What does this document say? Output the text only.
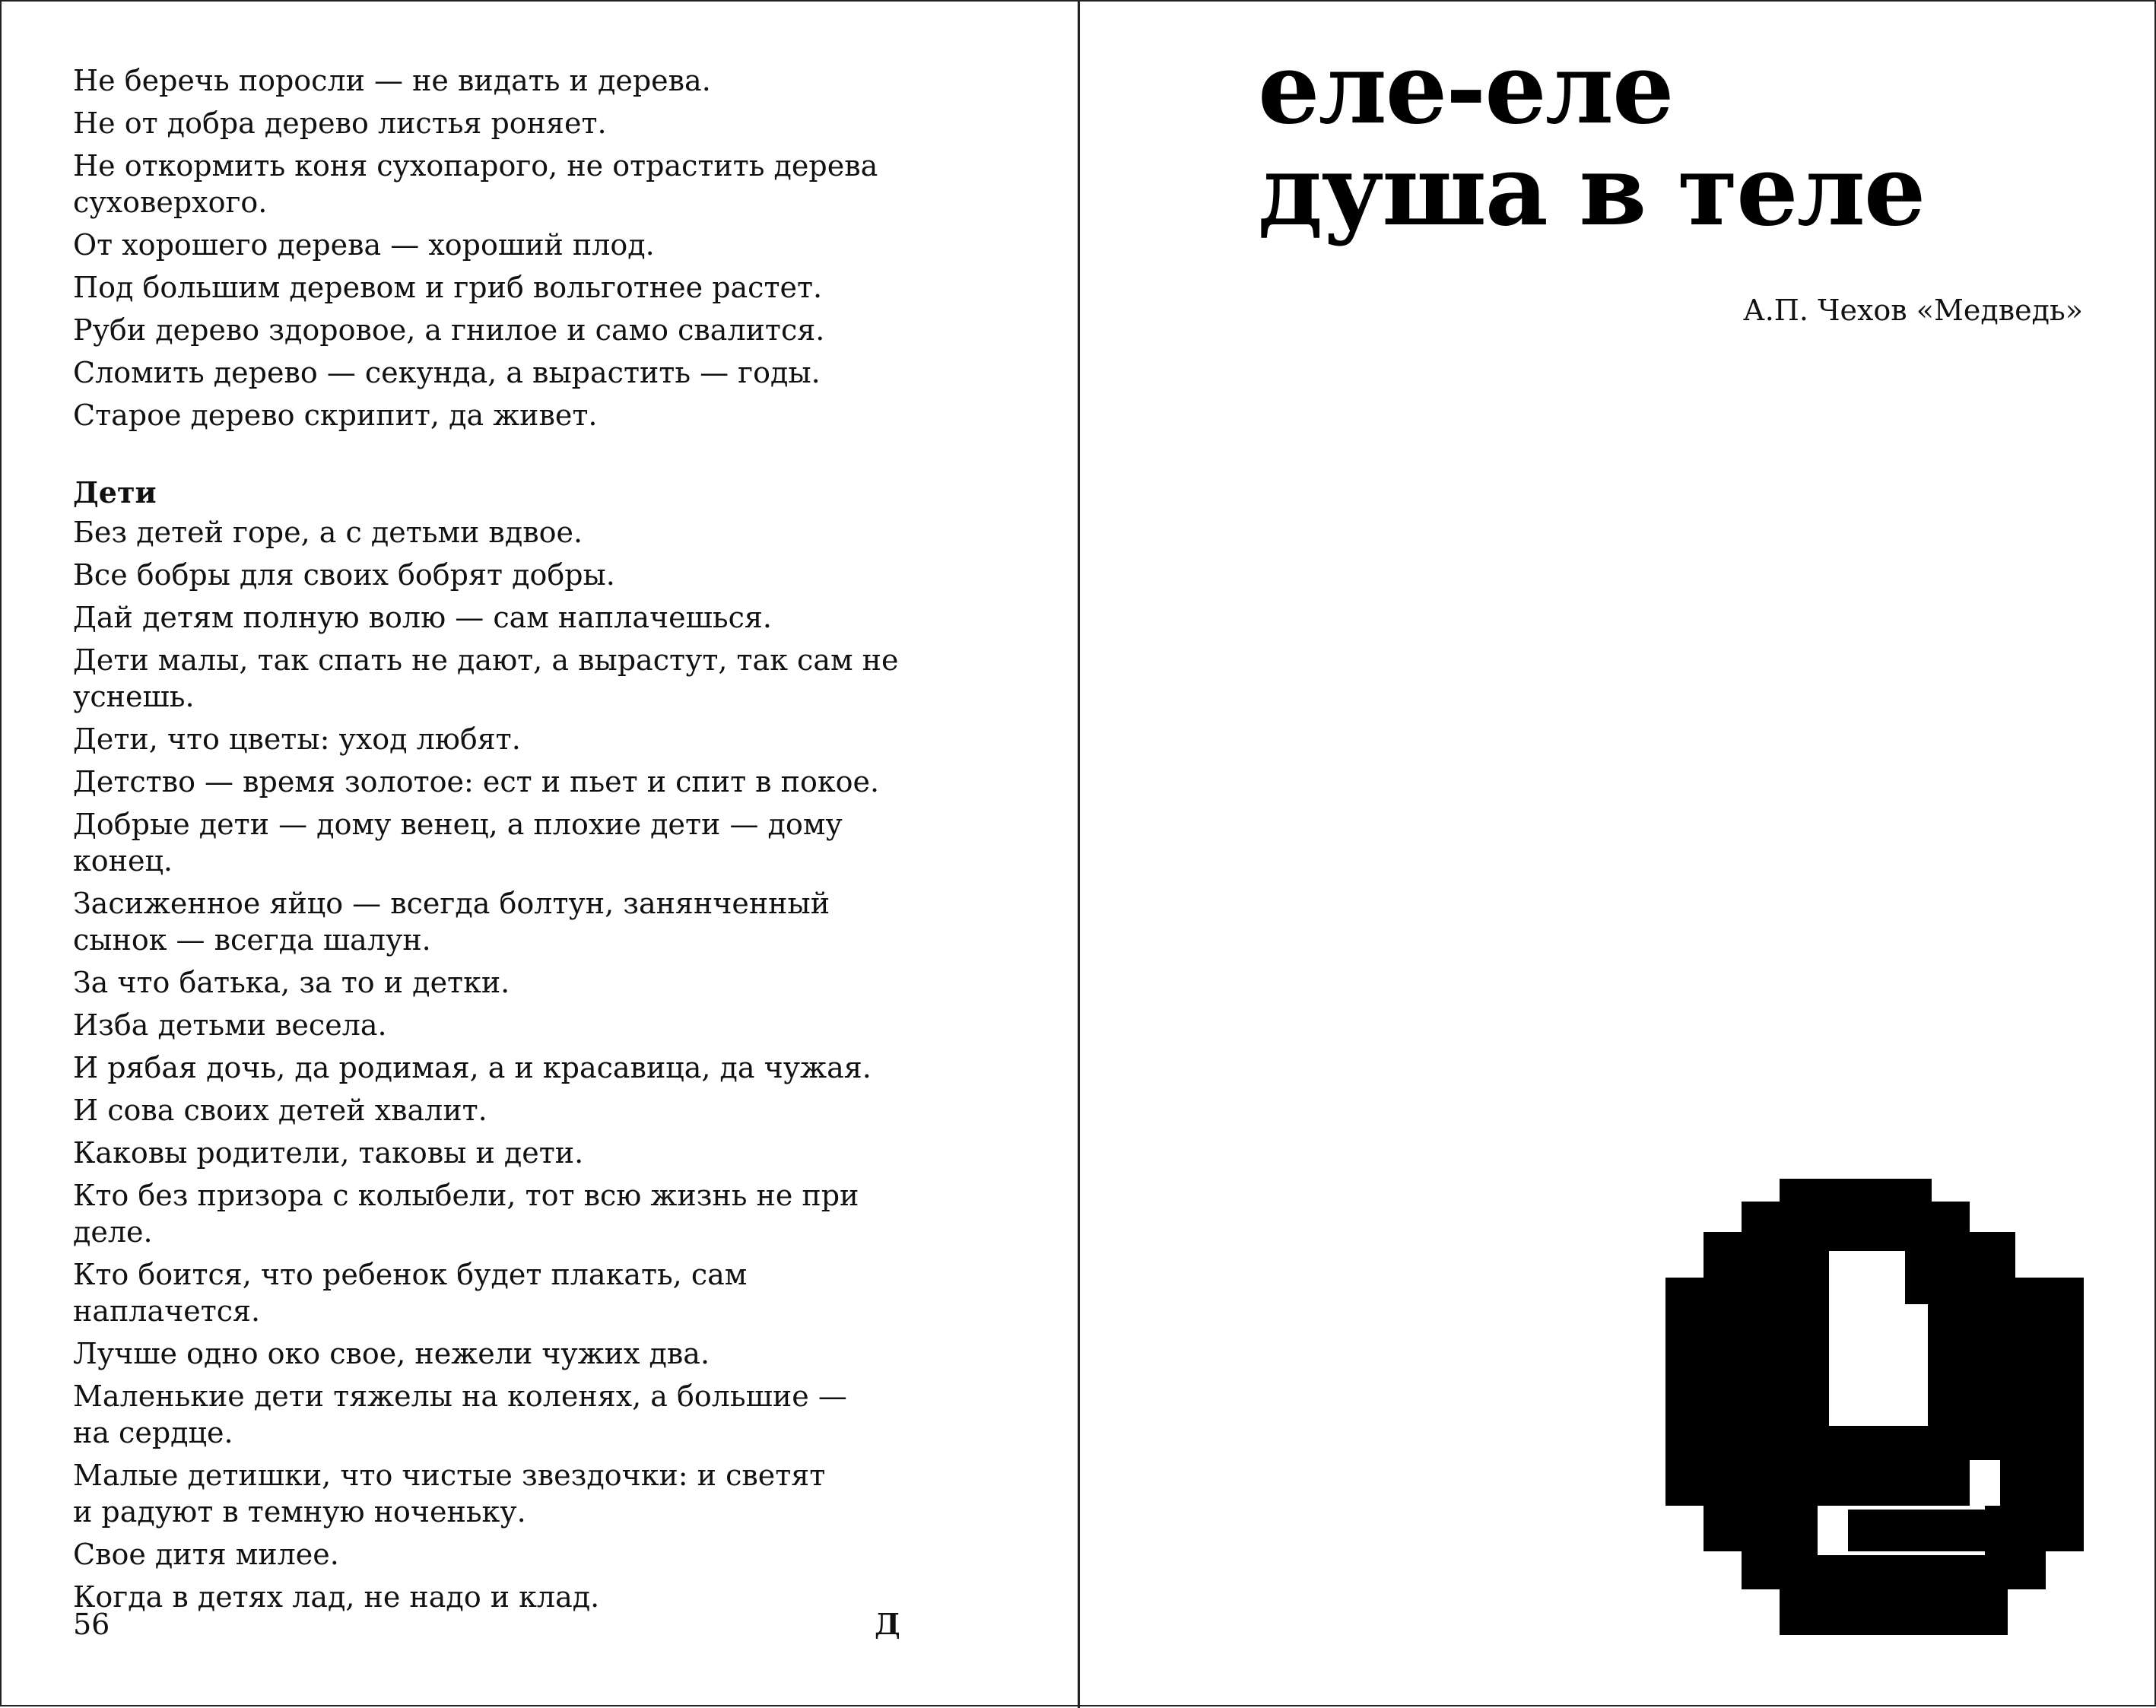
Не беречь поросли — не видать и дерева.

Не от добра дерево листья роняет.

Не откормить коня сухопарого, не отрастить дерева
суховерхого.

От хорошего дерева — хороший плод.

Под большим деревом и гриб вольготнее растет.

Руби дерево здоровое, а гнилое и само свалится.

Сломить дерево — секунда, а вырастить — годы.

Старое дерево скрипит, да живет.

Дети

Без детей горе, а с детьми вдвое.

Все бобры для своих бобрят добры.

Дай детям полную волю — сам наплачешься.

Дети малы, так спать не дают, а вырастут, так сам не
уснешь.

Дети, что цветы: уход любят.

Детство — время золотое: ест и пьет и спит в покое.

Добрые дети — дому венец, а плохие дети — дому конец.

Засиженное яйцо — всегда болтун, занянченный
сынок — всегда шалун.

За что батька, за то и детки.

Изба детьми весела.

И рябая дочь, да родимая, а и красавица, да чужая.

И сова своих детей хвалит.

Каковы родители, таковы и дети.

Кто без призора с колыбели, тот всю жизнь не при деле.

Кто боится, что ребенок будет плакать, сам наплачется.

Лучше одно око свое, нежели чужих два.

Маленькие дети тяжелы на коленях, а большие —
на сердце.

Малые детишки, что чистые звездочки: и светят
и радуют в темную ноченьку.

Свое дитя милее.

Когда в детях лад, не надо и клад.

56	Д
еле-еле
душа в теле
А.П. Чехов «Медведь»
